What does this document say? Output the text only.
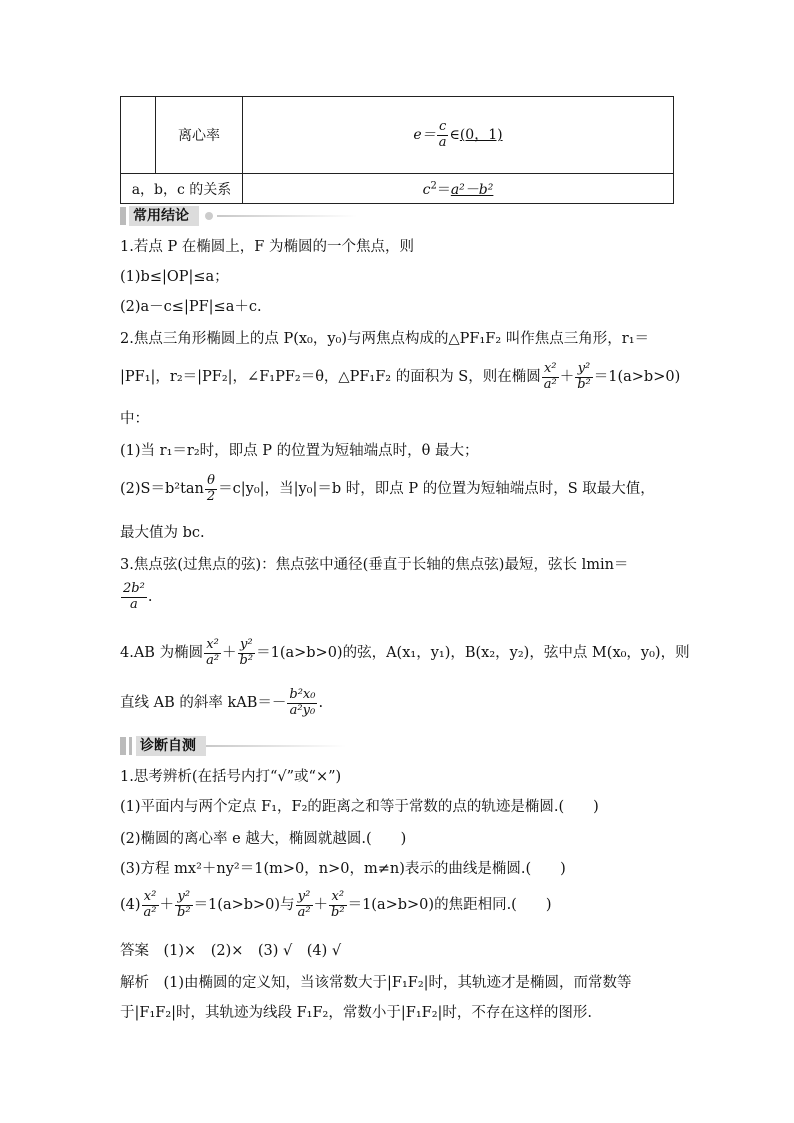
	离心率	$e= \frac{c}{a}$ ∈(0，1)
a，b，c 的关系		$c^2=a^2-b^2$
常用结论
1.若点 P 在椭圆上，F 为椭圆的一个焦点，则
(1)b≤|OP|≤a；
(2)a－c≤|PF|≤a＋c.
2.焦点三角形椭圆上的点 P(x₀，y₀)与两焦点构成的△PF₁F₂ 叫作焦点三角形，r₁＝
|PF₁|，r₂＝|PF₂|，∠F₁PF₂＝θ，△PF₁F₂ 的面积为 S，则在椭圆 $\frac{\text{x²}}{\text{a²}} + \frac{\text{y²}}{\text{b²}} =1(a>b>0)$
中：
(1)当 r₁＝r₂时，即点 P 的位置为短轴端点时，θ 最大；
$(2)S=b^2\tan \frac{\theta}{2} =c|y_0|$，当|y₀|＝b 时，即点 P 的位置为短轴端点时，S 取最大值，
最大值为 bc.
3.焦点弦(过焦点的弦)：焦点弦中通径(垂直于长轴的焦点弦)最短，弦长 lmin＝
$\frac{\text{2b²}}{a}$ .
4.AB 为椭圆 $\frac{\text{x²}}{\text{a²}} + \frac{\text{y²}}{\text{b²}} =1(a>b>0)$的弦，A(x₁，y₁)，B(x₂，y₂)，弦中点 M(x₀，y₀)，则
直线 AB 的斜率 $kAB=- \frac{\text{b²x₀}}{\text{a²y₀}}$ .
诊断自测
1.思考辨析(在括号内打“√”或“×”)
(1)平面内与两个定点 F₁，F₂的距离之和等于常数的点的轨迹是椭圆.(　　)
(2)椭圆的离心率 e 越大，椭圆就越圆.(　　)
(3)方程 mx²＋ny²＝1(m>0，n>0，m≠n)表示的曲线是椭圆.(　　)
$(4) \frac{\text{x²}}{\text{a²}} + \frac{\text{y²}}{\text{b²}} =1(a>b>0)$与 $\frac{\text{y²}}{\text{a²}} + \frac{\text{x²}}{\text{b²}} =1(a>b>0)$的焦距相同.(　　)
答案　(1)×　(2)×　(3) √　(4) √
解析　(1)由椭圆的定义知，当该常数大于|F₁F₂|时，其轨迹才是椭圆，而常数等
于|F₁F₂|时，其轨迹为线段 F₁F₂，常数小于|F₁F₂|时，不存在这样的图形.
